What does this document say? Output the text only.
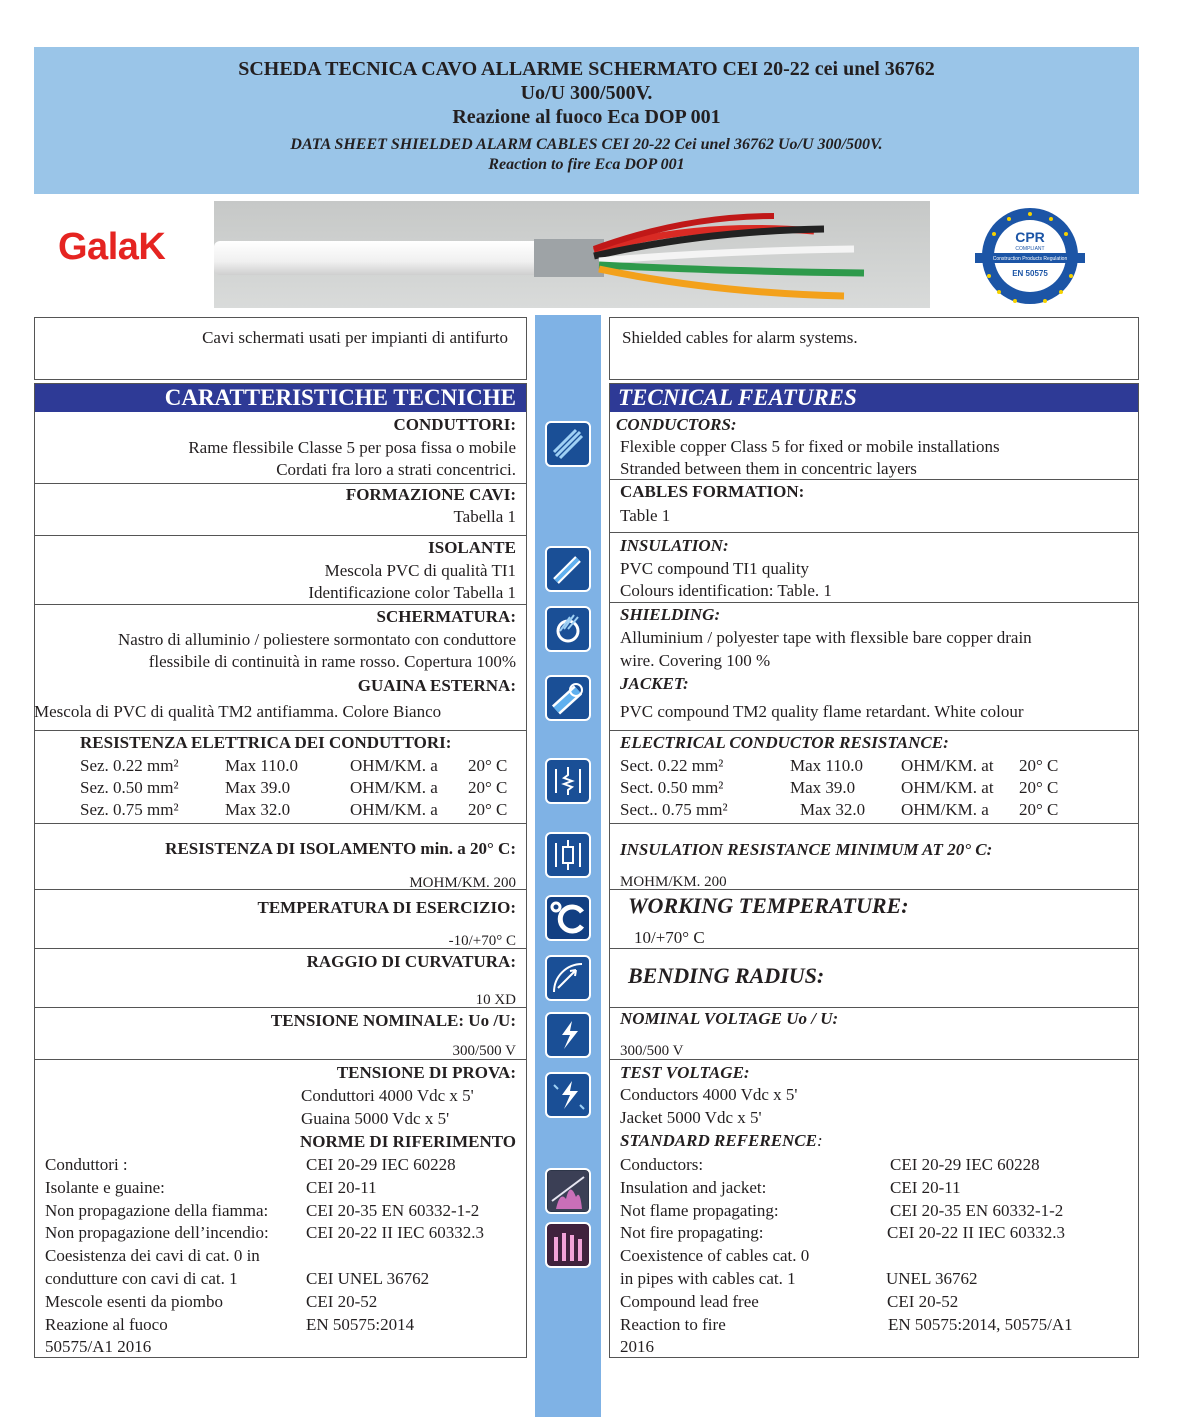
SCHEDA TECNICA CAVO ALLARME SCHERMATO CEI 20-22 cei unel 36762
Uo/U 300/500V.
Reazione al fuoco Eca DOP 001
DATA SHEET SHIELDED ALARM CABLES CEI 20-22 Cei unel 36762 Uo/U 300/500V.
Reaction to fire Eca DOP 001
GalaK	CPR
COMPLIANT
Construction Products Regulation
EN 50575
Cavi schermati usati per impianti di antifurto	Shielded cables for alarm systems.
CARATTERISTICHE TECNICHE
CONDUTTORI:
Rame flessibile Classe 5 per posa fissa o mobile
Cordati fra loro a strati concentrici.
FORMAZIONE CAVI:
Tabella 1
ISOLANTE
Mescola PVC di qualità TI1
Identificazione color Tabella 1
SCHERMATURA:
Nastro di alluminio / poliestere sormontato con conduttore
flessibile di continuità in rame rosso. Copertura 100%
GUAINA ESTERNA:
Mescola di PVC di qualità TM2 antifiamma. Colore Bianco
RESISTENZA ELETTRICA DEI CONDUTTORI:
Sez. 0.22 mm²	Max 110.0	OHM/KM. a 20° C
Sez. 0.50 mm²	Max 39.0	OHM/KM. a 20° C
Sez. 0.75 mm²	Max 32.0	OHM/KM. a 20° C
RESISTENZA DI ISOLAMENTO min. a 20° C:
MOHM/KM. 200
TEMPERATURA DI ESERCIZIO:
-10/+70° C
RAGGIO DI CURVATURA:
10 XD
TENSIONE NOMINALE: Uo /U:
300/500 V
TENSIONE DI PROVA:
Conduttori 4000 Vdc x 5'
Guaina 5000 Vdc x 5'
NORME DI RIFERIMENTO
Conduttori :	CEI 20-29 IEC 60228
Isolante e guaine:	CEI 20-11
Non propagazione della fiamma: CEI 20-35 EN 60332-1-2
Non propagazione dell’incendio: CEI 20-22 II IEC 60332.3
Coesistenza dei cavi di cat. 0 in
condutture con cavi di cat. 1	CEI UNEL 36762
Mescole esenti da piombo	CEI 20-52
Reazione al fuoco	EN 50575:2014
50575/A1 2016
TECNICAL FEATURES
CONDUCTORS:
Flexible copper Class 5 for fixed or mobile installations
Stranded between them in concentric layers
CABLES FORMATION:
Table 1
INSULATION:
PVC compound TI1 quality
Colours identification: Table. 1
SHIELDING:
Alluminium / polyester tape with flexsible bare copper drain
wire. Covering 100 %
JACKET:
PVC compound TM2 quality flame retardant. White colour
ELECTRICAL CONDUCTOR RESISTANCE:
Sect. 0.22 mm²	Max 110.0 OHM/KM. at 20° C
Sect. 0.50 mm²	Max 39.0	OHM/KM. at 20° C
Sect.. 0.75 mm²	Max 32.0 OHM/KM. a 20° C
INSULATION RESISTANCE MINIMUM AT 20° C:
MOHM/KM. 200
WORKING TEMPERATURE:
10/+70° C
BENDING RADIUS:
NOMINAL VOLTAGE Uo / U:
300/500 V
TEST VOLTAGE:
Conductors 4000 Vdc x 5'
Jacket 5000 Vdc x 5'
STANDARD REFERENCE:
Conductors:	CEI 20-29 IEC 60228
Insulation and jacket:	CEI 20-11
Not flame propagating:	CEI 20-35 EN 60332-1-2
Not fire propagating:	CEI 20-22 II IEC 60332.3
Coexistence of cables cat. 0
in pipes with cables cat. 1	UNEL 36762
Compound lead free	CEI 20-52
Reaction to fire	EN 50575:2014, 50575/A1
2016
